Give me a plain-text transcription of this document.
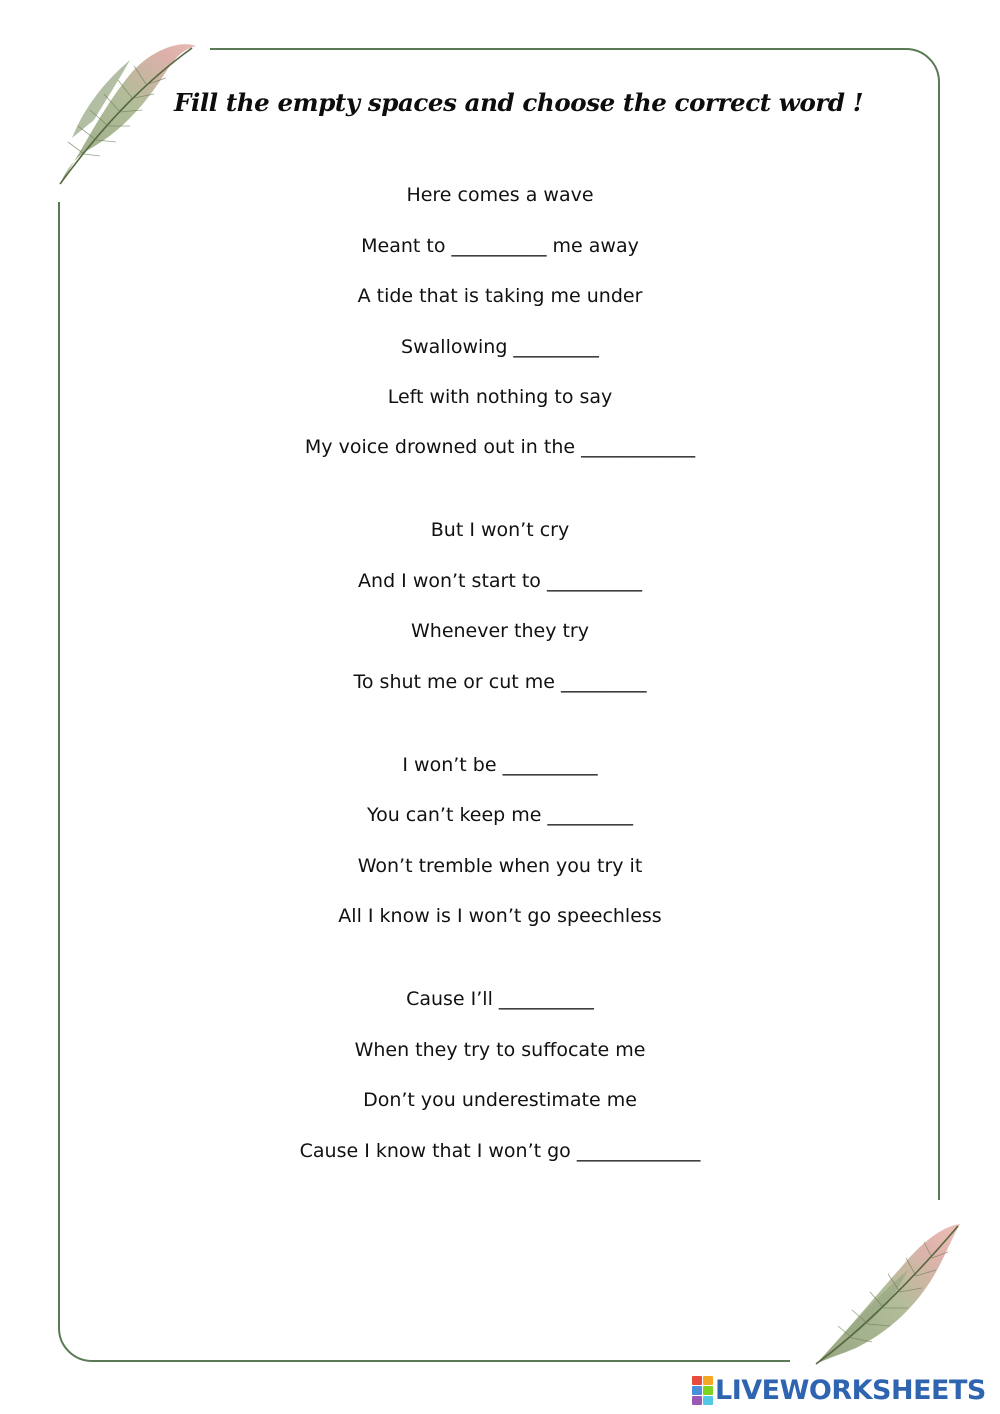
Fill the empty spaces and choose the correct word !
Here comes a wave
Meant to __________ me away
A tide that is taking me under
Swallowing _________
Left with nothing to say
My voice drowned out in the ____________
But I won’t cry
And I won’t start to __________
Whenever they try
To shut me or cut me _________
I won’t be __________
You can’t keep me _________
Won’t tremble when you try it
All I know is I won’t go speechless
Cause I’ll __________
When they try to suffocate me
Don’t you underestimate me
Cause I know that I won’t go _____________
LIVEWORKSHEETS
